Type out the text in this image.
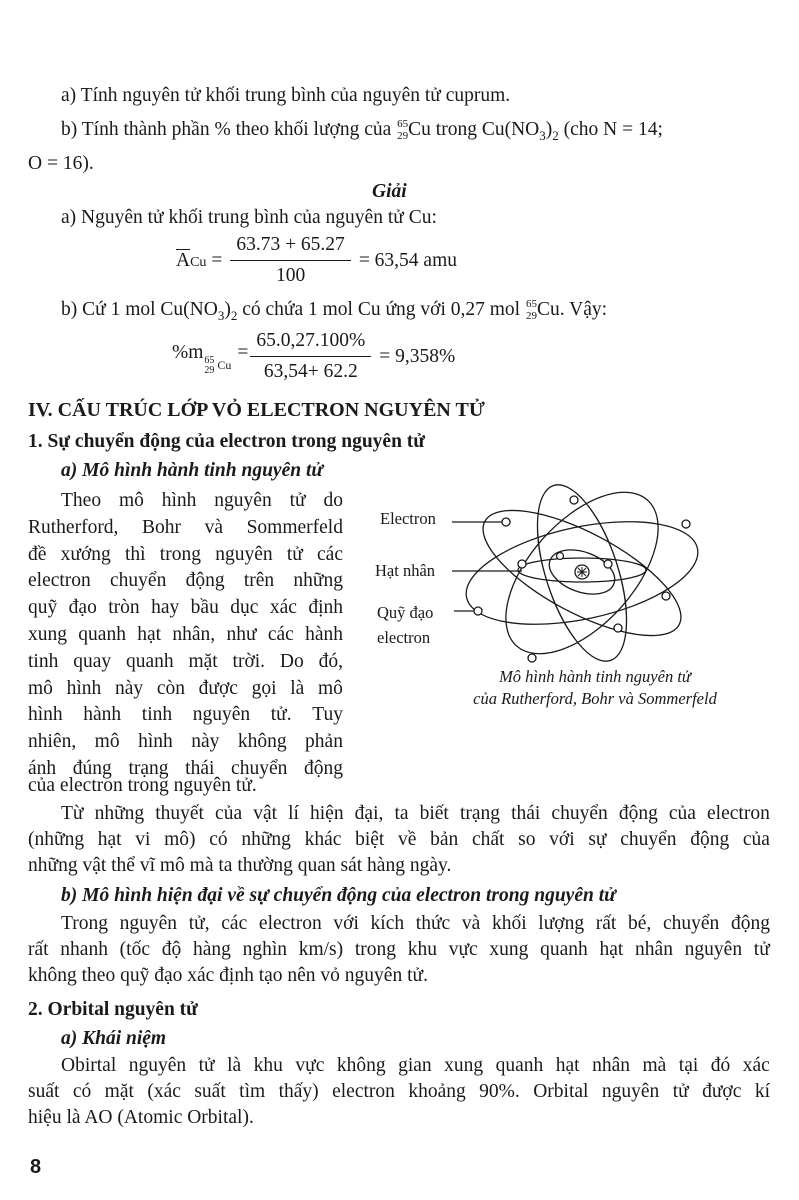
a) Tính nguyên tử khối trung bình của nguyên tử cuprum.
b) Tính thành phần % theo khối lượng của 65
29 Cu trong $Cu(NO_3)_2$ (cho N = 14;
O = 16).
Giải
a) Nguyên tử khối trung bình của nguyên tử Cu:
$\overline{A}Cu = \frac{63.73 + 65.27}{100} = 63,54$ amu
b) Cứ 1 mol $Cu(NO_3)_2$ có chứa 1 mol Cu ứng với 0,27 mol 65
29 Cu. Vậy:
%m 65
29 Cu
= $\frac{65.0,27.100\%}{63,54+ 62.2} = 9,358\%$
IV. CẤU TRÚC LỚP VỎ ELECTRON NGUYÊN TỬ
1. Sự chuyển động của electron trong nguyên tử
a) Mô hình hành tinh nguyên tử
Theo mô hình nguyên tử do
Rutherford, Bohr và Sommerfeld
đề xướng thì trong nguyên tử các
electron chuyển động trên những
quỹ đạo tròn hay bầu dục xác định
xung quanh hạt nhân, như các hành
tinh quay quanh mặt trời. Do đó,
mô hình này còn được gọi là mô
hình hành tinh nguyên tử. Tuy
nhiên, mô hình này không phản
ánh đúng trạng thái chuyển động
của electron trong nguyên tử.
Electron
Hạt nhân
Quỹ đạo
electron
Mô hình hành tinh nguyên tử
của Rutherford, Bohr và Sommerfeld
Từ những thuyết của vật lí hiện đại, ta biết trạng thái chuyển động của electron
(những hạt vi mô) có những khác biệt về bản chất so với sự chuyển động của
những vật thể vĩ mô mà ta thường quan sát hàng ngày.
b) Mô hình hiện đại về sự chuyển động của electron trong nguyên tử
Trong nguyên tử, các electron với kích thức và khối lượng rất bé, chuyển động
rất nhanh (tốc độ hàng nghìn km/s) trong khu vực xung quanh hạt nhân nguyên tử
không theo quỹ đạo xác định tạo nên vỏ nguyên tử.
2. Orbital nguyên tử
a) Khái niệm
Obirtal nguyên tử là khu vực không gian xung quanh hạt nhân mà tại đó xác
suất có mặt (xác suất tìm thấy) electron khoảng 90%. Orbital nguyên tử được kí
hiệu là AO (Atomic Orbital).
8
